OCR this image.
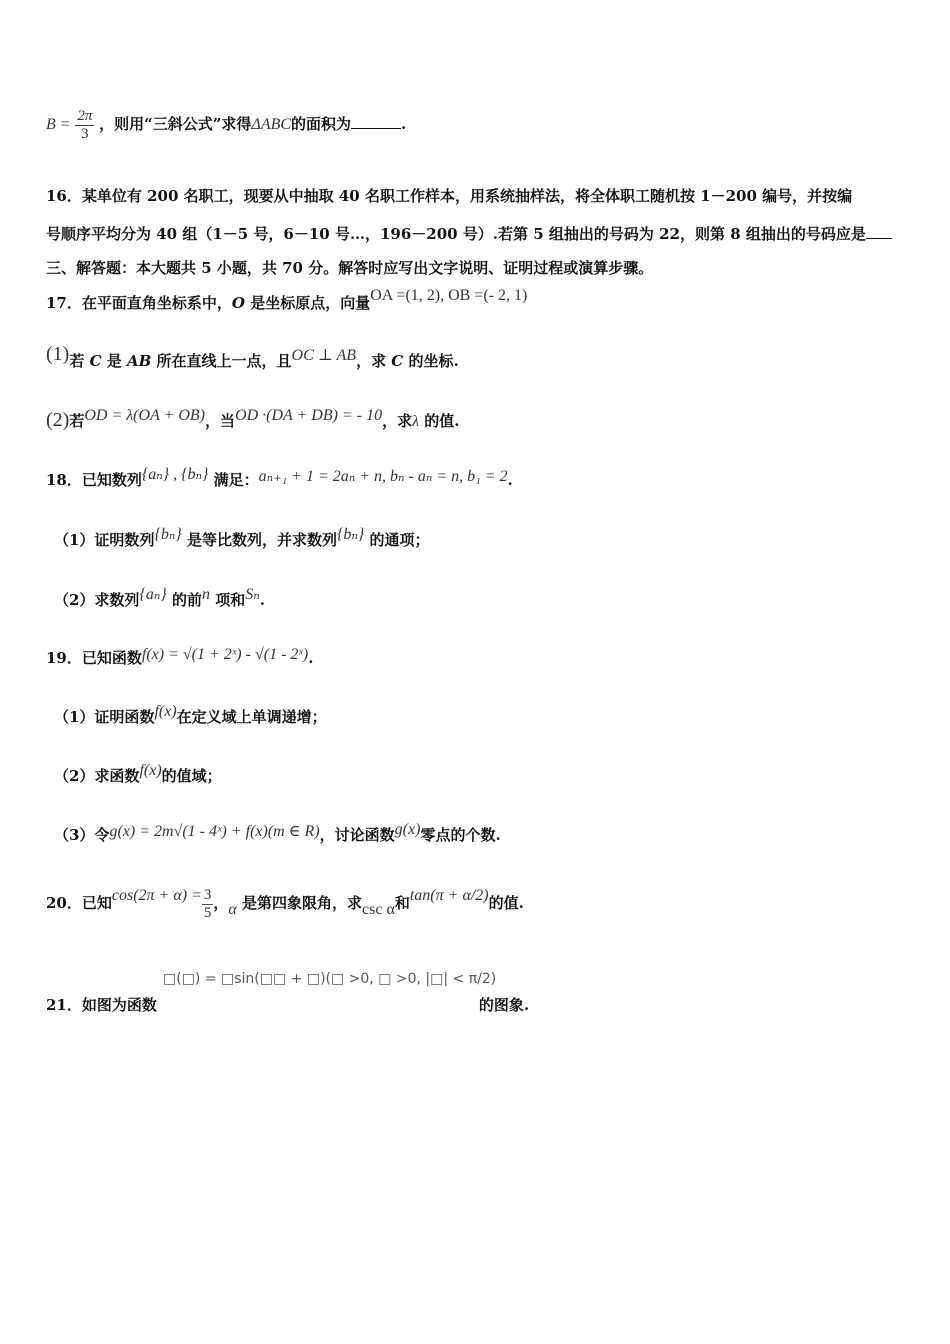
$B = \frac{2\pi}{3}$ ，则用“三斜公式”求得ΔABC的面积为	.
16．某单位有 200 名职工，现要从中抽取 40 名职工作样本，用系统抽样法，将全体职工随机按 1－200 编号，并按编
号顺序平均分为 40 组（1－5 号，6－10 号…，196－200 号）.若第 5 组抽出的号码为 22，则第 8 组抽出的号码应是
三、解答题：本大题共 5 小题，共 70 分。解答时应写出文字说明、证明过程或演算步骤。
17．在平面直角坐标系中，O 是坐标原点，向量OA =(1, 2), OB =(- 2, 1)
(1)若 C 是 AB 所在直线上一点，且OC ⊥ AB，求 C 的坐标.
(2)若OD = λ(OA + OB)，当OD ·(DA + DB) = - 10，求λ 的值.
18．已知数列{aₙ} , {bₙ} 满足：aₙ₊₁ + 1 = 2aₙ + n, bₙ - aₙ = n, b₁ = 2.
（1）证明数列{bₙ} 是等比数列，并求数列{bₙ} 的通项；
（2）求数列{aₙ} 的前n 项和Sₙ.
19．已知函数f(x) = √(1 + 2ˣ) - √(1 - 2ˣ).
（1）证明函数f(x)在定义域上单调递增；
（2）求函数f(x)的值域；
（3）令g(x) = 2m√(1 - 4ˣ) + f(x)(m ∈ R)，讨论函数g(x)零点的个数.
20．已知$\cos(2\pi + \alpha) = \frac{3}{5}$ ，α 是第四象限角，求csc α和tan(π + α/2)的值.
□(□) = □sin(□□ + □)(□ >0, □ >0, |□| < π/2)
21．如图为函数	的图象.
